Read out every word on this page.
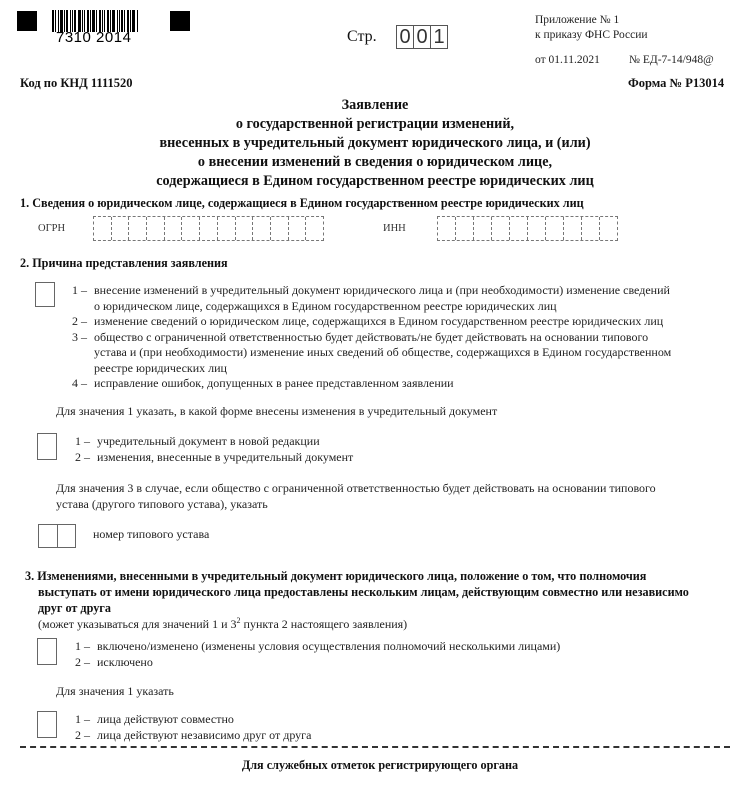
7310 2014	Стр. 0 0 1
Приложение № 1
к приказу ФНС России
от 01.11.2021	№ ЕД-7-14/948@
Код по КНД 1111520	Форма № Р13014
Заявление
о государственной регистрации изменений,
внесенных в учредительный документ юридического лица, и (или)
о внесении изменений в сведения о юридическом лице,
содержащиеся в Едином государственном реестре юридических лиц
1. Сведения о юридическом лице, содержащиеся в Едином государственном реестре юридических лиц
ОГРН	ИНН
2. Причина представления заявления
1 – внесение изменений в учредительный документ юридического лица и (при необходимости) изменение сведений
о юридическом лице, содержащихся в Едином государственном реестре юридических лиц
2 – изменение сведений о юридическом лице, содержащихся в Едином государственном реестре юридических лиц
3 – общество с ограниченной ответственностью будет действовать/не будет действовать на основании типового
устава и (при необходимости) изменение иных сведений об обществе, содержащихся в Едином государственном
реестре юридических лиц
4 – исправление ошибок, допущенных в ранее представленном заявлении
Для значения 1 указать, в какой форме внесены изменения в учредительный документ
1 – учредительный документ в новой редакции
2 – изменения, внесенные в учредительный документ
Для значения 3 в случае, если общество с ограниченной ответственностью будет действовать на основании типового
устава (другого типового устава), указать
номер типового устава
3. Изменениями, внесенными в учредительный документ юридического лица, положение о том, что полномочия
выступать от имени юридического лица предоставлены нескольким лицам, действующим совместно или независимо
друг от друга
(может указываться для значений 1 и $3^2$ пункта 2 настоящего заявления)
1 – включено/изменено (изменены условия осуществления полномочий несколькими лицами)
2 – исключено
Для значения 1 указать
1 – лица действуют совместно
2 – лица действуют независимо друг от друга
Для служебных отметок регистрирующего органа
